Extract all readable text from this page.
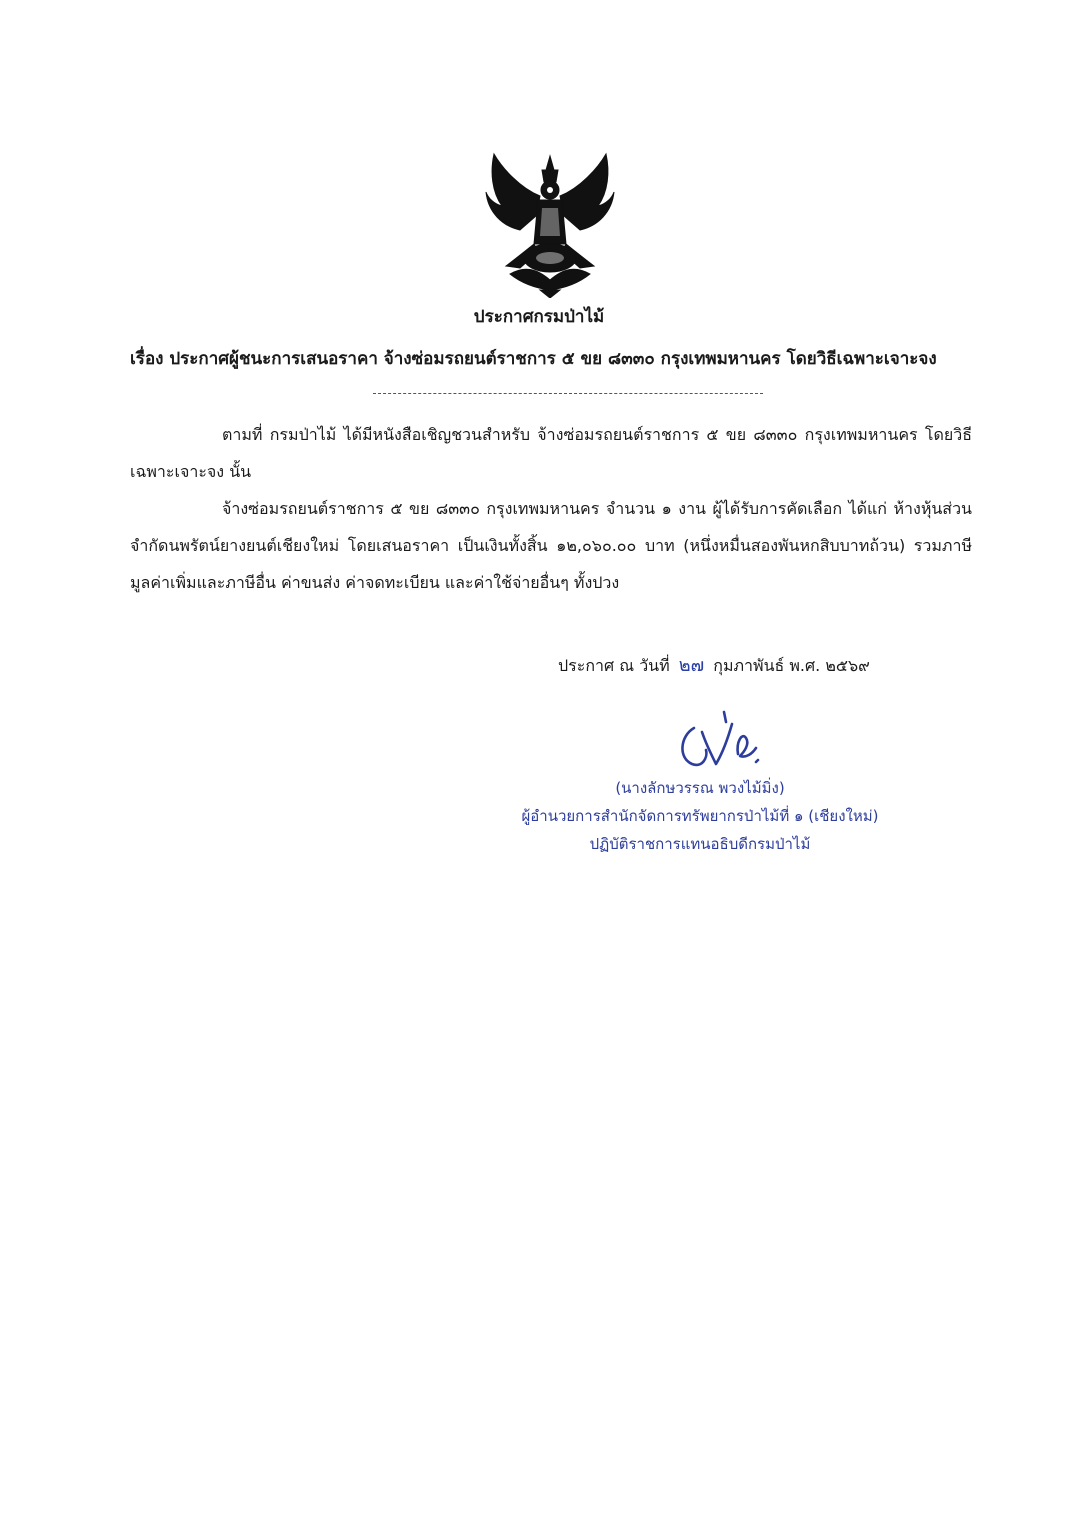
ประกาศกรมป่าไม้
เรื่อง ประกาศผู้ชนะการเสนอราคา จ้างซ่อมรถยนต์ราชการ ๕ ขย ๘๓๓๐ กรุงเทพมหานคร โดยวิธีเฉพาะเจาะจง

ตามที่ กรมป่าไม้ ได้มีหนังสือเชิญชวนสำหรับ จ้างซ่อมรถยนต์ราชการ ๕ ขย ๘๓๓๐ กรุงเทพมหานคร โดยวิธีเฉพาะเจาะจง นั้น

จ้างซ่อมรถยนต์ราชการ ๕ ขย ๘๓๓๐ กรุงเทพมหานคร จำนวน ๑ งาน ผู้ได้รับการคัดเลือก ได้แก่ ห้างหุ้นส่วนจำกัดนพรัตน์ยางยนต์เชียงใหม่ โดยเสนอราคา เป็นเงินทั้งสิ้น ๑๒,๐๖๐.๐๐ บาท (หนึ่งหมื่นสองพันหกสิบบาทถ้วน) รวมภาษีมูลค่าเพิ่มและภาษีอื่น ค่าขนส่ง ค่าจดทะเบียน และค่าใช้จ่ายอื่นๆ ทั้งปวง

ประกาศ ณ วันที่ ๒๗ กุมภาพันธ์ พ.ศ. ๒๕๖๙
(นางลักษวรรณ พวงไม้มิ่ง)
ผู้อำนวยการสำนักจัดการทรัพยากรป่าไม้ที่ ๑ (เชียงใหม่)
ปฏิบัติราชการแทนอธิบดีกรมป่าไม้
